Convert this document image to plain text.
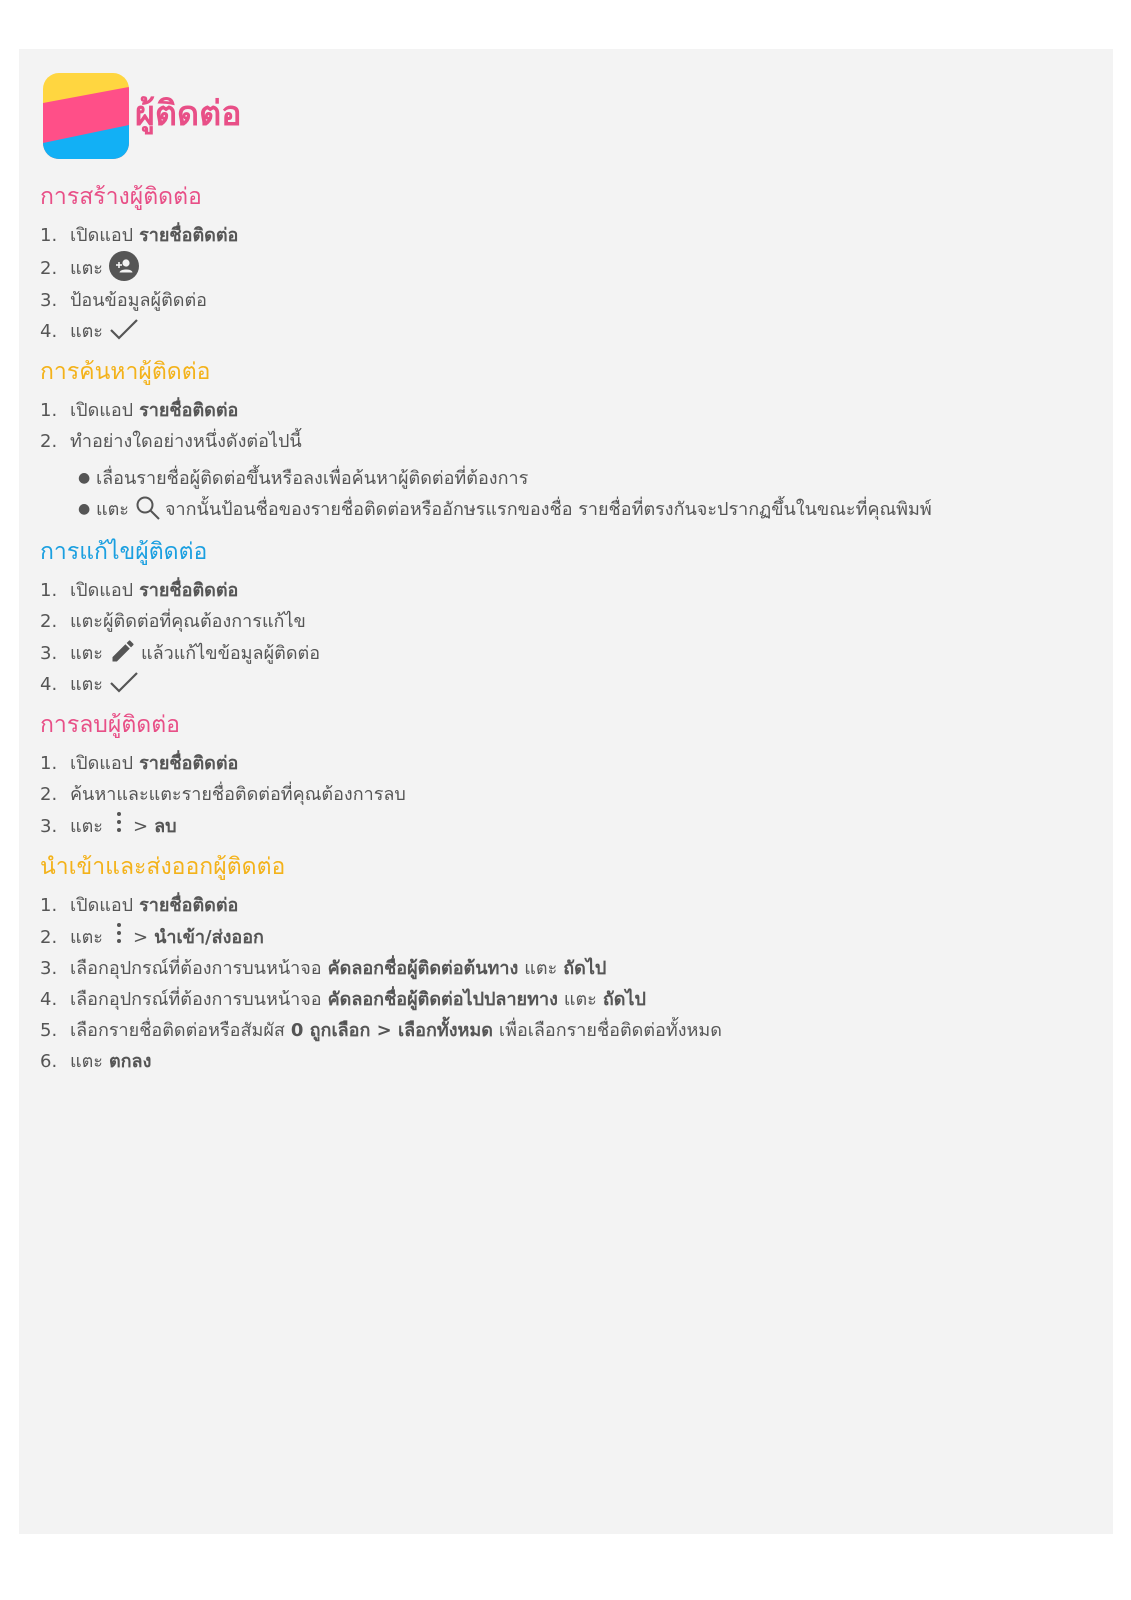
ผู้ติดต่อ
การสร้างผู้ติดต่อ
1. เปิดแอป รายชื่อติดต่อ
2. แตะ
3. ป้อนข้อมูลผู้ติดต่อ
4. แตะ
การค้นหาผู้ติดต่อ
1. เปิดแอป รายชื่อติดต่อ
2. ทำอย่างใดอย่างหนึ่งดังต่อไปนี้
● เลื่อนรายชื่อผู้ติดต่อขึ้นหรือลงเพื่อค้นหาผู้ติดต่อที่ต้องการ
● แตะ จากนั้นป้อนชื่อของรายชื่อติดต่อหรืออักษรแรกของชื่อ รายชื่อที่ตรงกันจะปรากฏขึ้นในขณะที่คุณพิมพ์
การแก้ไขผู้ติดต่อ
1. เปิดแอป รายชื่อติดต่อ
2. แตะผู้ติดต่อที่คุณต้องการแก้ไข
3. แตะ แล้วแก้ไขข้อมูลผู้ติดต่อ
4. แตะ
การลบผู้ติดต่อ
1. เปิดแอป รายชื่อติดต่อ
2. ค้นหาและแตะรายชื่อติดต่อที่คุณต้องการลบ
3. แตะ > ลบ
นำเข้าและส่งออกผู้ติดต่อ
1. เปิดแอป รายชื่อติดต่อ
2. แตะ > นำเข้า/ส่งออก
3. เลือกอุปกรณ์ที่ต้องการบนหน้าจอ คัดลอกชื่อผู้ติดต่อต้นทาง แตะ ถัดไป
4. เลือกอุปกรณ์ที่ต้องการบนหน้าจอ คัดลอกชื่อผู้ติดต่อไปปลายทาง แตะ ถัดไป
5. เลือกรายชื่อติดต่อหรือสัมผัส 0 ถูกเลือก > เลือกทั้งหมด เพื่อเลือกรายชื่อติดต่อทั้งหมด
6. แตะ ตกลง
